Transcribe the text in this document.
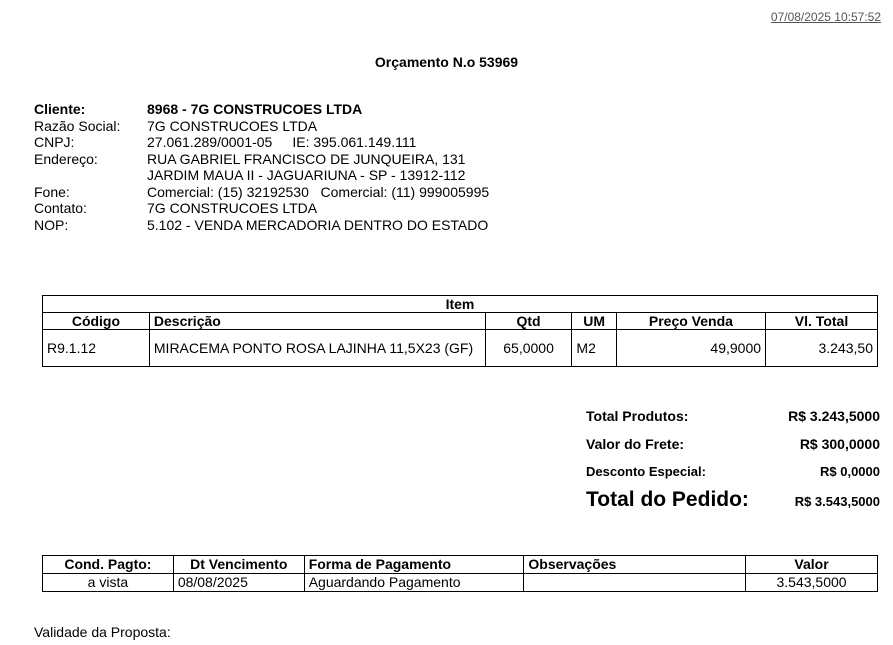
07/08/2025 10:57:52
Orçamento N.o 53969
Cliente:	8968 - 7G CONSTRUCOES LTDA
Razão Social:	7G CONSTRUCOES LTDA
CNPJ:	27.061.289/0001-05 IE:
395.061.149.111
Endereço:	RUA GABRIEL FRANCISCO DE JUNQUEIRA, 131
JARDIM MAUA II - JAGUARIUNA - SP - 13912-112
Fone:	Comercial: (15) 32192530   Comercial: (11) 999005995
Contato:	7G CONSTRUCOES LTDA
NOP:	5.102 - VENDA MERCADORIA DENTRO DO ESTADO
Item					
Código	Descrição	Qtd	UM	Preço Venda	Vl. Total
R9.1.12	MIRACEMA PONTO ROSA LAJINHA 11,5X23 (GF)	65,0000	M2	49,9000	3.243,50
Total Produtos:	R$ 3.243,5000
Valor do Frete:	R$ 300,0000
Desconto Especial:	R$ 0,0000
Total do Pedido:	R$ 3.543,5000
Cond. Pagto:	Dt Vencimento	Forma de Pagamento	Observações	Valor
a vista	08/08/2025	Aguardando Pagamento		3.543,5000
Validade da Proposta:
